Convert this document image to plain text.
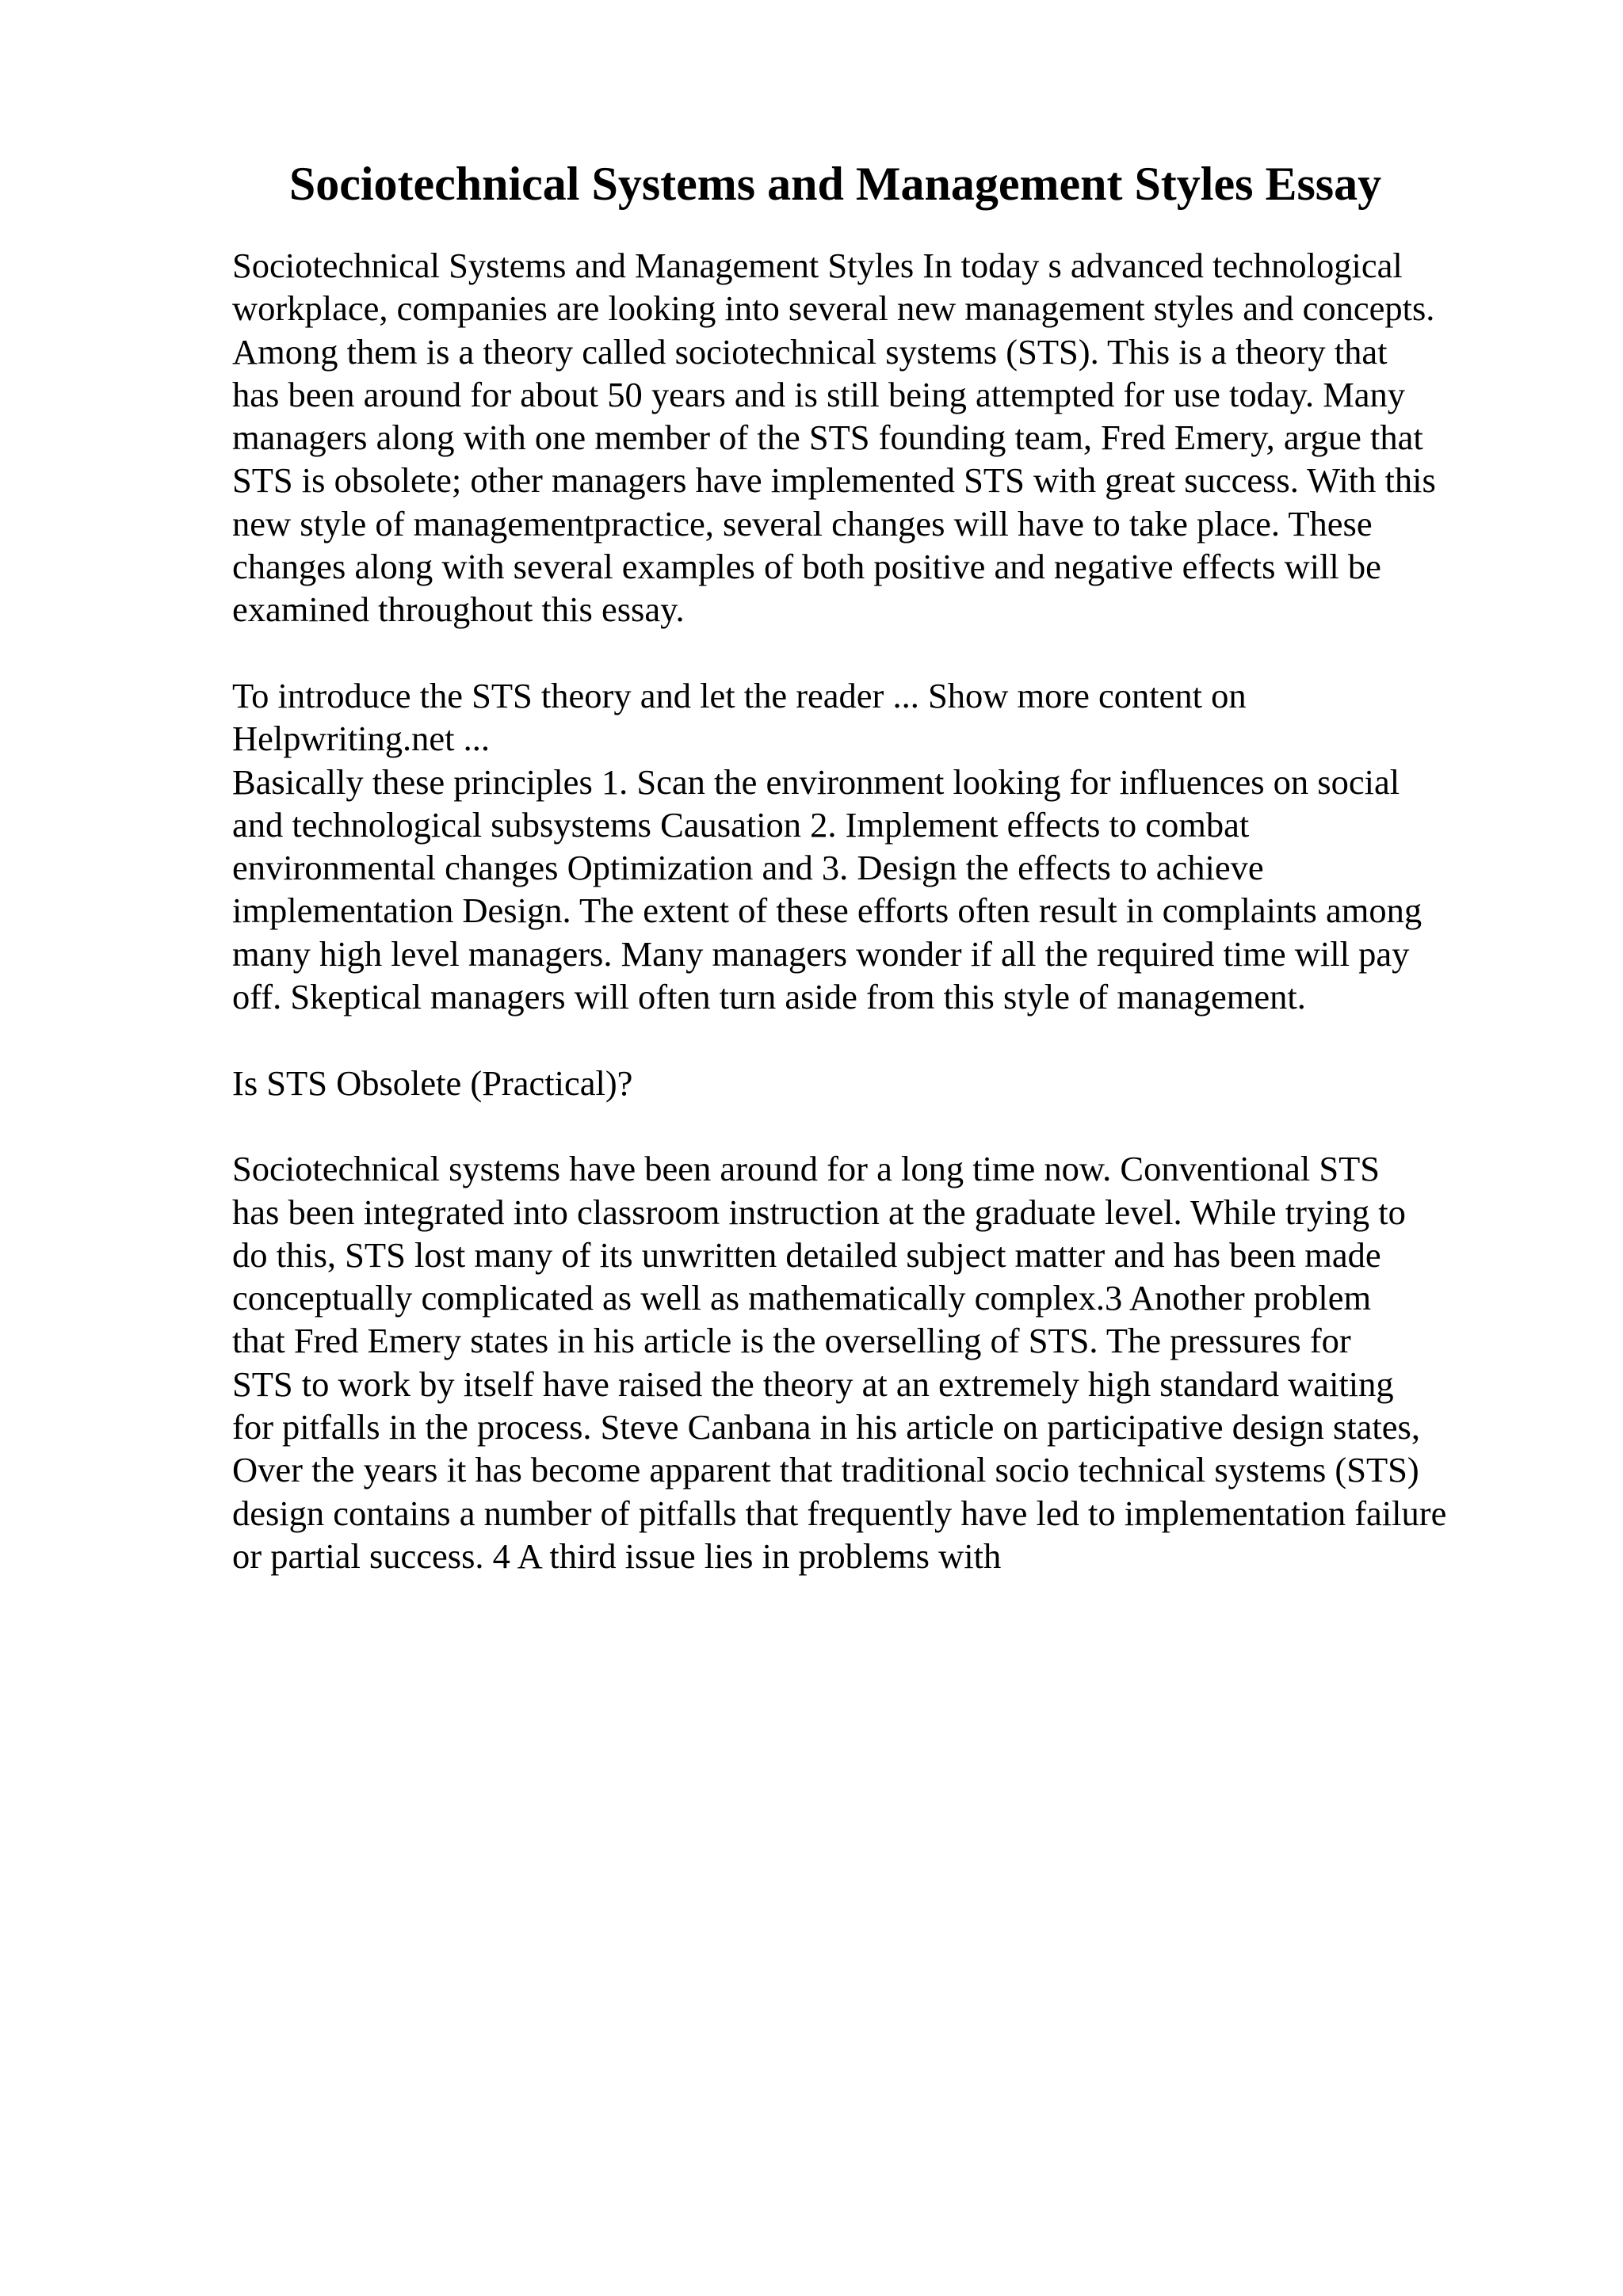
Sociotechnical Systems and Management Styles Essay
Sociotechnical Systems and Management Styles In today s advanced technological
workplace, companies are looking into several new management styles and concepts.
Among them is a theory called sociotechnical systems (STS). This is a theory that
has been around for about 50 years and is still being attempted for use today. Many
managers along with one member of the STS founding team, Fred Emery, argue that
STS is obsolete; other managers have implemented STS with great success. With this
new style of managementpractice, several changes will have to take place. These
changes along with several examples of both positive and negative effects will be
examined throughout this essay.
To introduce the STS theory and let the reader ... Show more content on
Helpwriting.net ...
Basically these principles 1. Scan the environment looking for influences on social
and technological subsystems Causation 2. Implement effects to combat
environmental changes Optimization and 3. Design the effects to achieve
implementation Design. The extent of these efforts often result in complaints among
many high level managers. Many managers wonder if all the required time will pay
off. Skeptical managers will often turn aside from this style of management.
Is STS Obsolete (Practical)?
Sociotechnical systems have been around for a long time now. Conventional STS
has been integrated into classroom instruction at the graduate level. While trying to
do this, STS lost many of its unwritten detailed subject matter and has been made
conceptually complicated as well as mathematically complex.3 Another problem
that Fred Emery states in his article is the overselling of STS. The pressures for
STS to work by itself have raised the theory at an extremely high standard waiting
for pitfalls in the process. Steve Canbana in his article on participative design states,
Over the years it has become apparent that traditional socio technical systems (STS)
design contains a number of pitfalls that frequently have led to implementation failure
or partial success. 4 A third issue lies in problems with
